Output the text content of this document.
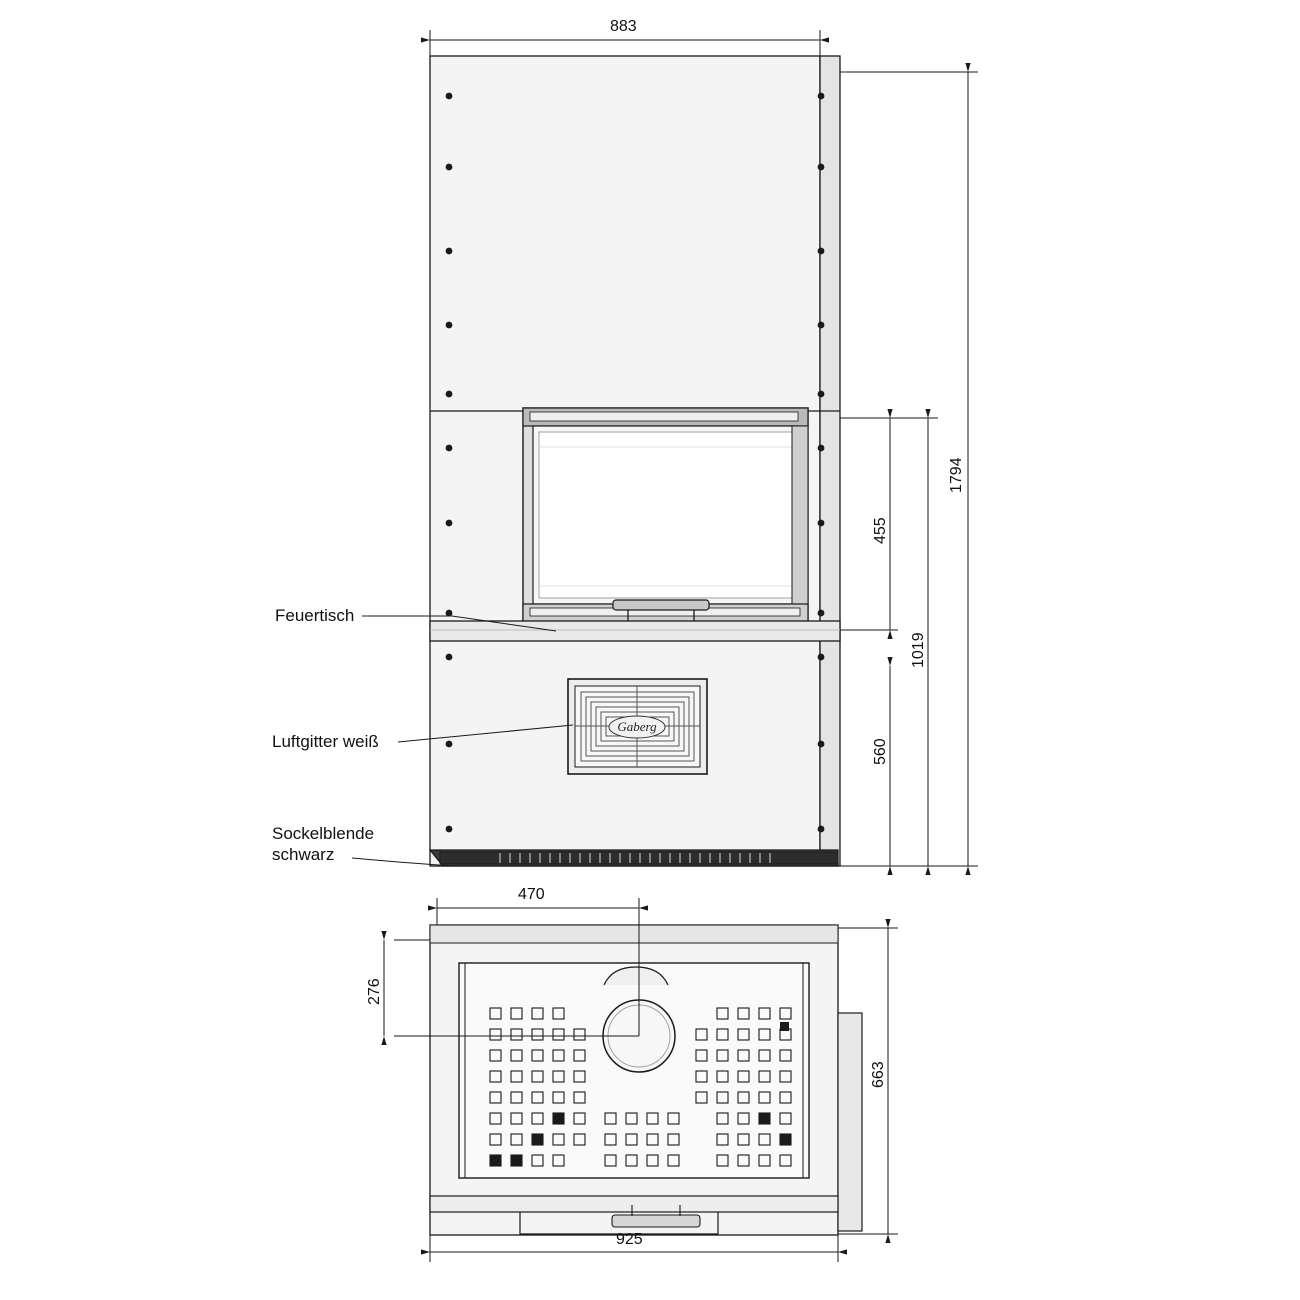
Gaberg
883
1794
455
1019
560
470
276
663
925
Feuertisch
Luftgitter weiß
Sockelblende
schwarz
